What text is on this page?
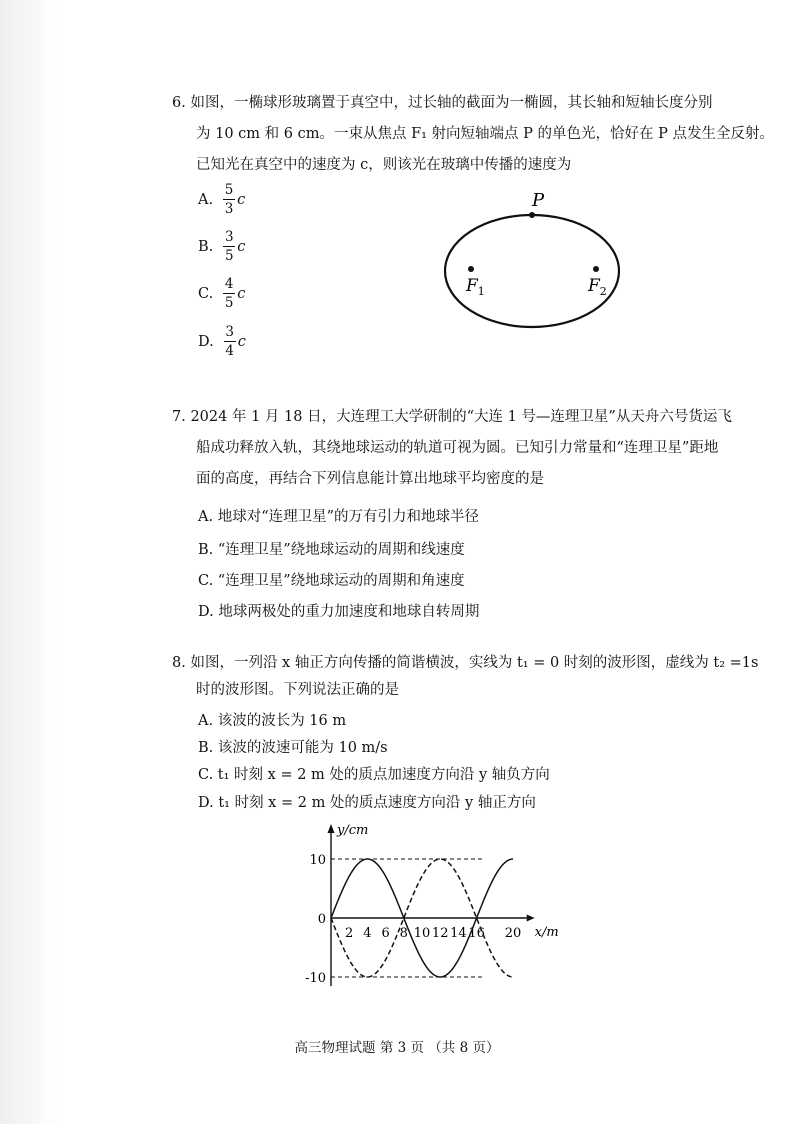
6. 如图，一椭球形玻璃置于真空中，过长轴的截面为一椭圆，其长轴和短轴长度分别
为 10 cm 和 6 cm。一束从焦点 F₁ 射向短轴端点 P 的单色光，恰好在 P 点发生全反射。
已知光在真空中的速度为 c，则该光在玻璃中传播的速度为
A. $\frac{5}{3}$ c
B. $\frac{3}{5}$ c
C. $\frac{4}{5}$ c
D. $\frac{3}{4}$ c
P
$F_1$	$F_2$
7. 2024 年 1 月 18 日，大连理工大学研制的“大连 1 号—连理卫星”从天舟六号货运飞
船成功释放入轨，其绕地球运动的轨道可视为圆。已知引力常量和“连理卫星”距地
面的高度，再结合下列信息能计算出地球平均密度的是
A. 地球对“连理卫星”的万有引力和地球半径
B. “连理卫星”绕地球运动的周期和线速度
C. “连理卫星”绕地球运动的周期和角速度
D. 地球两极处的重力加速度和地球自转周期
8. 如图，一列沿 x 轴正方向传播的简谐横波，实线为 t₁ = 0 时刻的波形图，虚线为 t₂ =1s
时的波形图。下列说法正确的是
A. 该波的波长为 16 m
B. 该波的波速可能为 10 m/s
C. t₁ 时刻 x = 2 m 处的质点加速度方向沿 y 轴负方向
D. t₁ 时刻 x = 2 m 处的质点速度方向沿 y 轴正方向
y/cm
x/m
2 4 6 8 10 12 14 16 20
10
0
-10
高三物理试题 第 3 页 （共 8 页）
